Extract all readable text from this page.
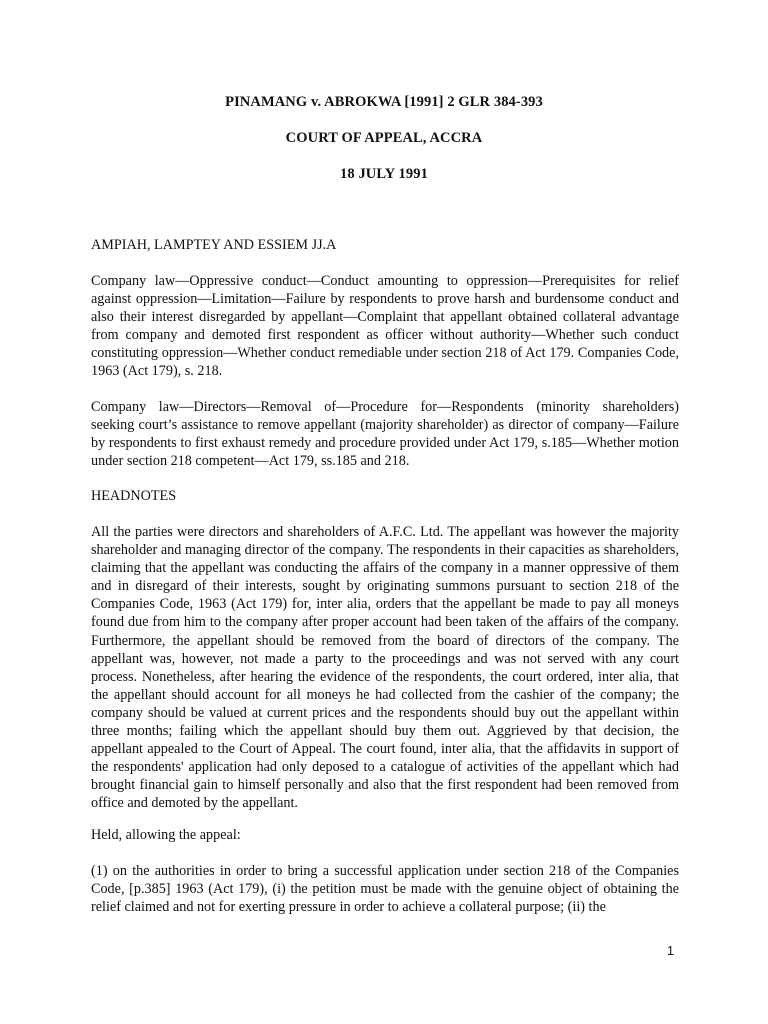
PINAMANG v. ABROKWA [1991] 2 GLR 384-393
COURT OF APPEAL, ACCRA
18 JULY 1991

AMPIAH, LAMPTEY AND ESSIEM JJ.A

Company law—Oppressive conduct—Conduct amounting to oppression—Prerequisites for relief against oppression—Limitation—Failure by respondents to prove harsh and burdensome conduct and also their interest disregarded by appellant—Complaint that appellant obtained collateral advantage from company and demoted first respondent as officer without authority—Whether such conduct constituting oppression—Whether conduct remediable under section 218 of Act 179. Companies Code, 1963 (Act 179), s. 218.

Company law—Directors—Removal of—Procedure for—Respondents (minority shareholders) seeking court’s assistance to remove appellant (majority shareholder) as director of company—Failure by respondents to first exhaust remedy and procedure provided under Act 179, s.185—Whether motion under section 218 competent—Act 179, ss.185 and 218.

HEADNOTES

All the parties were directors and shareholders of A.F.C. Ltd. The appellant was however the majority shareholder and managing director of the company. The respondents in their capacities as shareholders, claiming that the appellant was conducting the affairs of the company in a manner oppressive of them and in disregard of their interests, sought by originating summons pursuant to section 218 of the Companies Code, 1963 (Act 179) for, inter alia, orders that the appellant be made to pay all moneys found due from him to the company after proper account had been taken of the affairs of the company. Furthermore, the appellant should be removed from the board of directors of the company. The appellant was, however, not made a party to the proceedings and was not served with any court process. Nonetheless, after hearing the evidence of the respondents, the court ordered, inter alia, that the appellant should account for all moneys he had collected from the cashier of the company; the company should be valued at current prices and the respondents should buy out the appellant within three months; failing which the appellant should buy them out. Aggrieved by that decision, the appellant appealed to the Court of Appeal. The court found, inter alia, that the affidavits in support of the respondents' application had only deposed to a catalogue of activities of the appellant which had brought financial gain to himself personally and also that the first respondent had been removed from office and demoted by the appellant.

Held, allowing the appeal:

(1) on the authorities in order to bring a successful application under section 218 of the Companies Code, [p.385] 1963 (Act 179), (i) the petition must be made with the genuine object of obtaining the relief claimed and not for exerting pressure in order to achieve a collateral purpose; (ii) the

1
